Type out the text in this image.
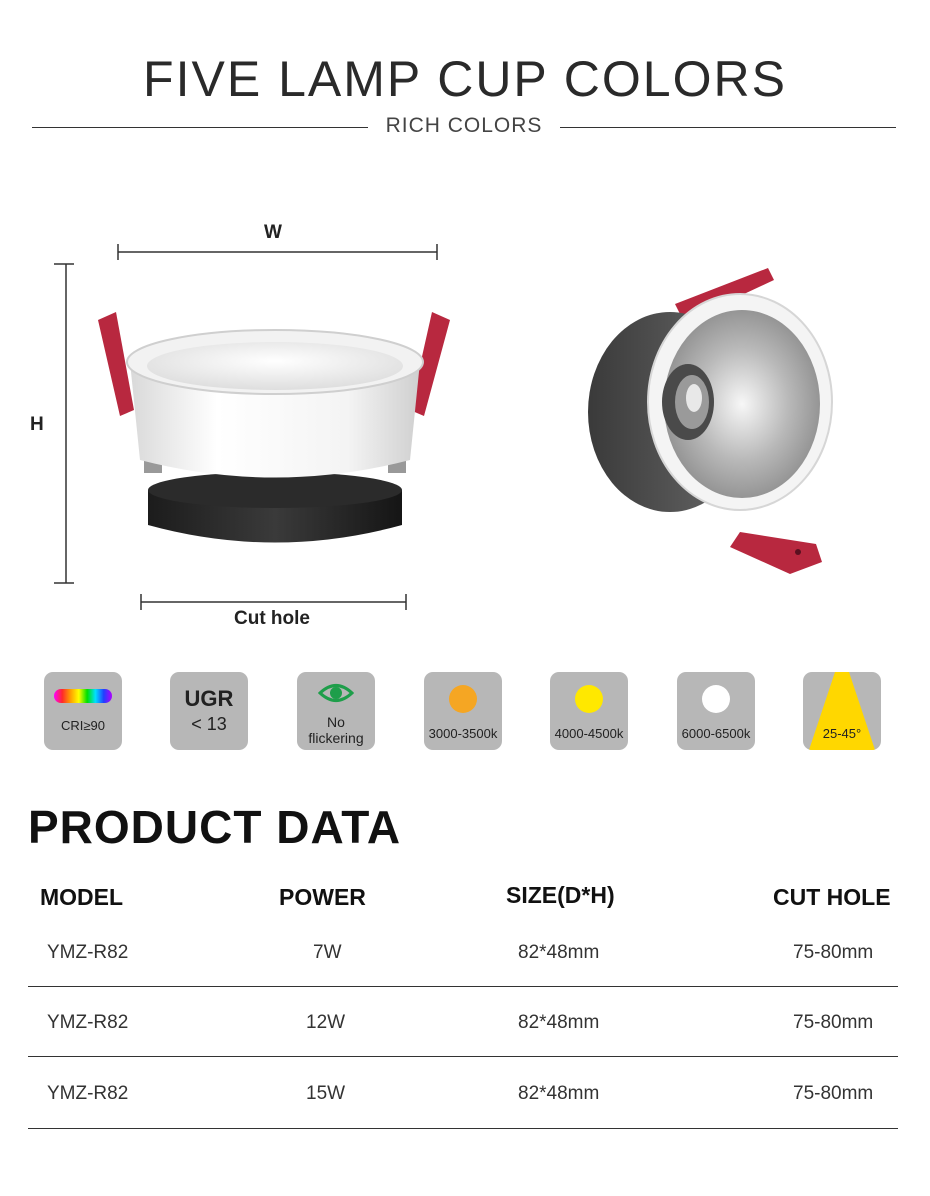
FIVE LAMP CUP COLORS
RICH COLORS
W
H
Cut hole
CRI≥90
UGR
< 13	No
flickering	3000-3500k	4000-4500k	6000-6500k	25-45°
PRODUCT DATA
MODEL	POWER	SIZE(D*H)	CUT HOLE
YMZ-R82	7W	82*48mm	75-80mm
YMZ-R82	12W	82*48mm	75-80mm
YMZ-R82	15W	82*48mm	75-80mm
